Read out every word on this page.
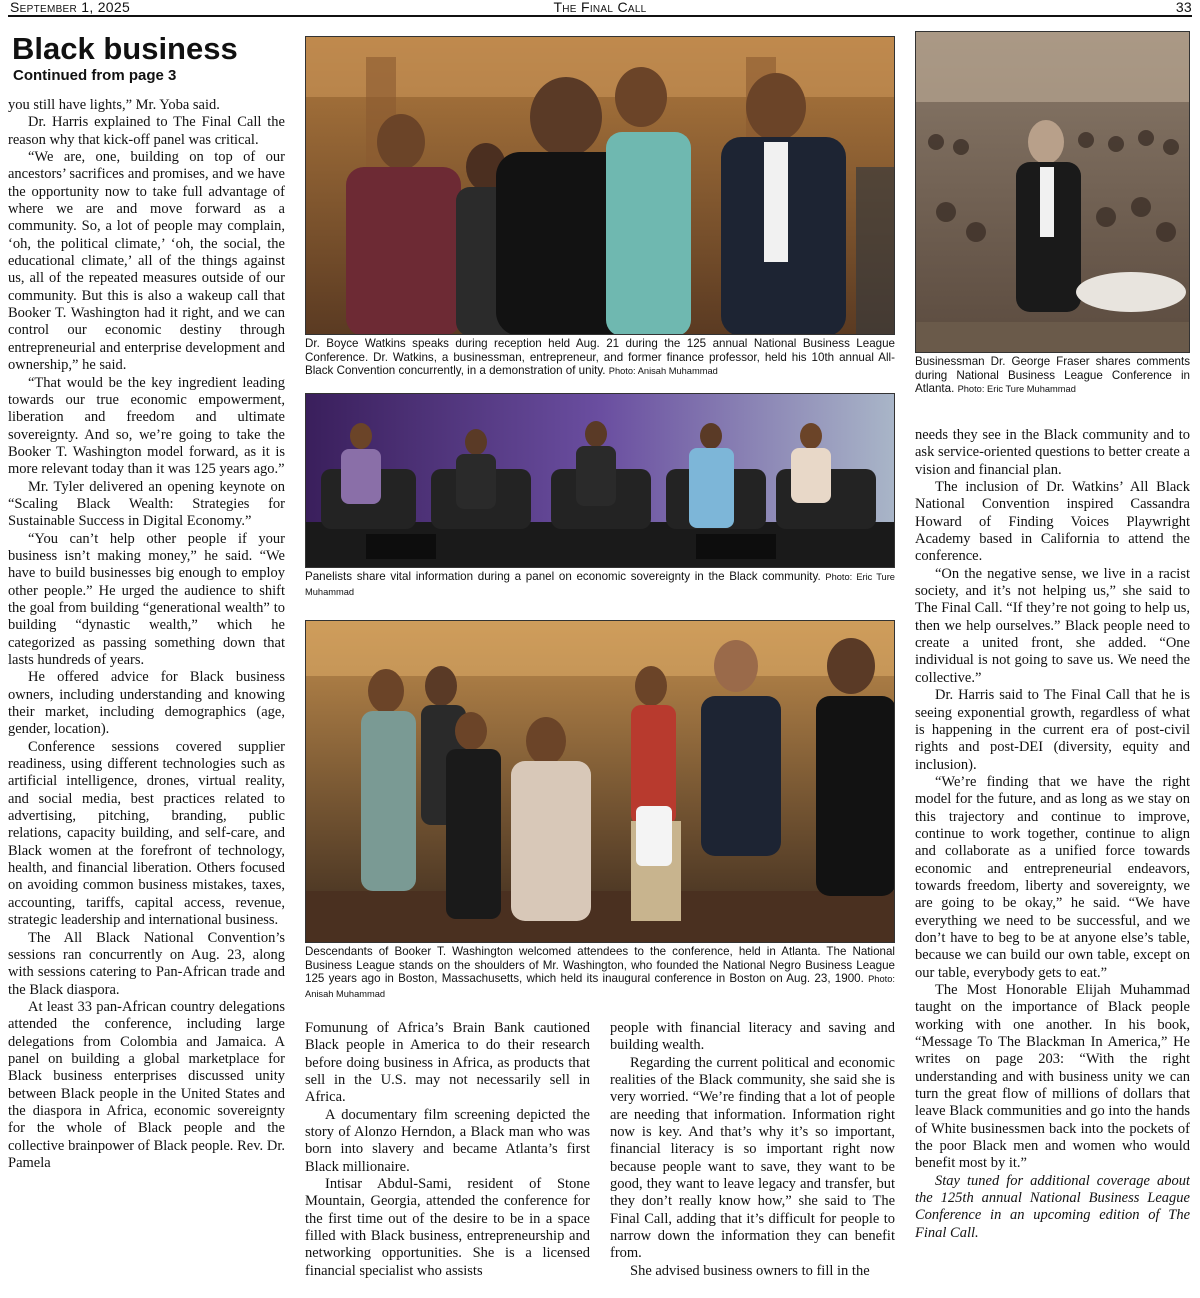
The Final Call
September 1, 2025	33
Black business
Continued from page 3

you still have lights,” Mr. Yoba said.

Dr. Harris explained to The Final Call the reason why that kick-off panel was critical.

“We are, one, building on top of our ancestors’ sacrifices and promises, and we have the opportunity now to take full advantage of where we are and move forward as a community. So, a lot of people may complain, ‘oh, the political climate,’ ‘oh, the social, the educational climate,’ all of the things against us, all of the repeated measures outside of our community. But this is also a wakeup call that Booker T. Washington had it right, and we can control our economic destiny through entrepreneurial and enterprise development and ownership,” he said.

“That would be the key ingredient leading towards our true economic empowerment, liberation and freedom and ultimate sovereignty. And so, we’re going to take the Booker T. Washington model forward, as it is more relevant today than it was 125 years ago.”

Mr. Tyler delivered an opening keynote on “Scaling Black Wealth: Strategies for Sustainable Success in Digital Economy.”

“You can’t help other people if your business isn’t making money,” he said. “We have to build businesses big enough to employ other people.” He urged the audience to shift the goal from building “generational wealth” to building “dynastic wealth,” which he categorized as passing something down that lasts hundreds of years.

He offered advice for Black business owners, including understanding and knowing their market, including demographics (age, gender, location).

Conference sessions covered supplier readiness, using different technologies such as artificial intelligence, drones, virtual reality, and social media, best practices related to advertising, pitching, branding, public relations, capacity building, and self-care, and Black women at the forefront of technology, health, and financial liberation. Others focused on avoiding common business mistakes, taxes, accounting, tariffs, capital access, revenue, strategic leadership and international business.

The All Black National Convention’s sessions ran concurrently on Aug. 23, along with sessions catering to Pan-African trade and the Black diaspora.

At least 33 pan-African country delegations attended the conference, including large delegations from Colombia and Jamaica. A panel on building a global marketplace for Black business enterprises discussed unity between Black people in the United States and the diaspora in Africa, economic sovereignty for the whole of Black people and the collective brainpower of Black people. Rev. Dr. Pamela

Dr. Boyce Watkins speaks during reception held Aug. 21 during the 125 annual National Business League Conference. Dr. Watkins, a businessman, entrepreneur, and former finance professor, held his 10th annual All-Black Convention concurrently, in a demonstration of unity. Photo: Anisah Muhammad
Panelists share vital information during a panel on economic sovereignty in the Black community. Photo: Eric Ture Muhammad
Descendants of Booker T. Washington welcomed attendees to the conference, held in Atlanta. The National Business League stands on the shoulders of Mr. Washington, who founded the National Negro Business League 125 years ago in Boston, Massachusetts, which held its inaugural conference in Boston on Aug. 23, 1900. Photo: Anisah Muhammad
Businessman Dr. George Fraser shares comments during National Business League Conference in Atlanta. Photo: Eric Ture Muhammad

Fomunung of Africa’s Brain Bank cautioned Black people in America to do their research before doing business in Africa, as products that sell in the U.S. may not necessarily sell in Africa.

A documentary film screening depicted the story of Alonzo Herndon, a Black man who was born into slavery and became Atlanta’s first Black millionaire.

Intisar Abdul-Sami, resident of Stone Mountain, Georgia, attended the conference for the first time out of the desire to be in a space filled with Black business, entrepreneurship and networking opportunities. She is a licensed financial specialist who assists

people with financial literacy and saving and building wealth.

Regarding the current political and economic realities of the Black community, she said she is very worried. “We’re finding that a lot of people are needing that information. Information right now is key. And that’s why it’s so important, financial literacy is so important right now because people want to save, they want to be good, they want to leave legacy and transfer, but they don’t really know how,” she said to The Final Call, adding that it’s difficult for people to narrow down the information they can benefit from.

She advised business owners to fill in the

needs they see in the Black community and to ask service-oriented questions to better create a vision and financial plan.

The inclusion of Dr. Watkins’ All Black National Convention inspired Cassandra Howard of Finding Voices Playwright Academy based in California to attend the conference.

“On the negative sense, we live in a racist society, and it’s not helping us,” she said to The Final Call. “If they’re not going to help us, then we help ourselves.” Black people need to create a united front, she added. “One individual is not going to save us. We need the collective.”

Dr. Harris said to The Final Call that he is seeing exponential growth, regardless of what is happening in the current era of post-civil rights and post-DEI (diversity, equity and inclusion).

“We’re finding that we have the right model for the future, and as long as we stay on this trajectory and continue to improve, continue to work together, continue to align and collaborate as a unified force towards economic and entrepreneurial endeavors, towards freedom, liberty and sovereignty, we are going to be okay,” he said. “We have everything we need to be successful, and we don’t have to beg to be at anyone else’s table, because we can build our own table, except on our table, everybody gets to eat.”

The Most Honorable Elijah Muhammad taught on the importance of Black people working with one another. In his book, “Message To The Blackman In America,” He writes on page 203: “With the right understanding and with business unity we can turn the great flow of millions of dollars that leave Black communities and go into the hands of White businessmen back into the pockets of the poor Black men and women who would benefit most by it.”

Stay tuned for additional coverage about the 125th annual National Business League Conference in an upcoming edition of The Final Call.
